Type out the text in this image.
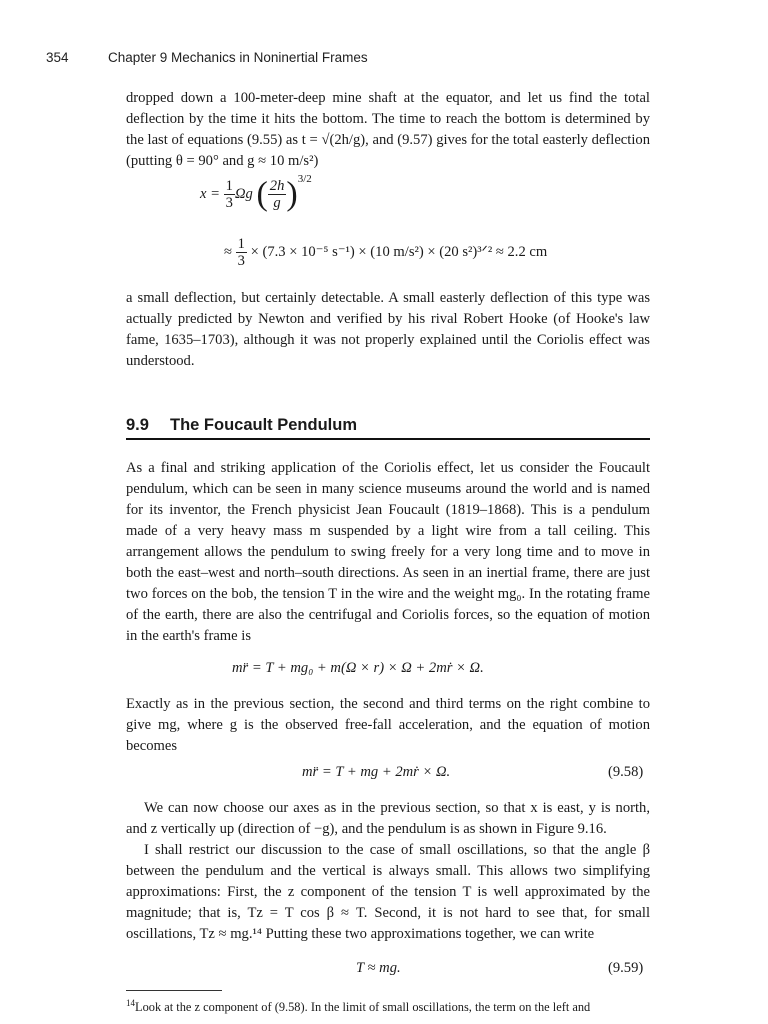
354	Chapter 9 Mechanics in Noninertial Frames

dropped down a 100-meter-deep mine shaft at the equator, and let us find the total deflection by the time it hits the bottom. The time to reach the bottom is determined by the last of equations (9.55) as t = √(2h/g), and (9.57) gives for the total easterly deflection (putting θ = 90° and g ≈ 10 m/s²)

$x = \frac{1}{3}$ Ωg ( $\frac{2h}{g} )^{3/2}$
≈ $\frac{1}{3} \times (7.3 \times 10^{-5}$ s⁻¹) × (10 m/s²) × (20 s²)³ᐟ² ≈ 2.2 cm

a small deflection, but certainly detectable. A small easterly deflection of this type was actually predicted by Newton and verified by his rival Robert Hooke (of Hooke's law fame, 1635–1703), although it was not properly explained until the Coriolis effect was understood.

9.9 The Foucault Pendulum

As a final and striking application of the Coriolis effect, let us consider the Foucault pendulum, which can be seen in many science museums around the world and is named for its inventor, the French physicist Jean Foucault (1819–1868). This is a pendulum made of a very heavy mass m suspended by a light wire from a tall ceiling. This arrangement allows the pendulum to swing freely for a very long time and to move in both the east–west and north–south directions. As seen in an inertial frame, there are just two forces on the bob, the tension T in the wire and the weight mg₀. In the rotating frame of the earth, there are also the centrifugal and Coriolis forces, so the equation of motion in the earth's frame is

mr̈ = T + mg₀ + m(Ω × r) × Ω + 2mṙ × Ω.

Exactly as in the previous section, the second and third terms on the right combine to give mg, where g is the observed free-fall acceleration, and the equation of motion becomes

mr̈ = T + mg + 2mṙ × Ω.	(9.58)

We can now choose our axes as in the previous section, so that x is east, y is north, and z vertically up (direction of −g), and the pendulum is as shown in Figure 9.16.

I shall restrict our discussion to the case of small oscillations, so that the angle β between the pendulum and the vertical is always small. This allows two simplifying approximations: First, the z component of the tension T is well approximated by the magnitude; that is, Tz = T cos β ≈ T. Second, it is not hard to see that, for small oscillations, Tz ≈ mg.¹⁴ Putting these two approximations together, we can write

T ≈ mg.	(9.59)
$^{14}$Look at the z component of (9.58). In the limit of small oscillations, the term on the left and
